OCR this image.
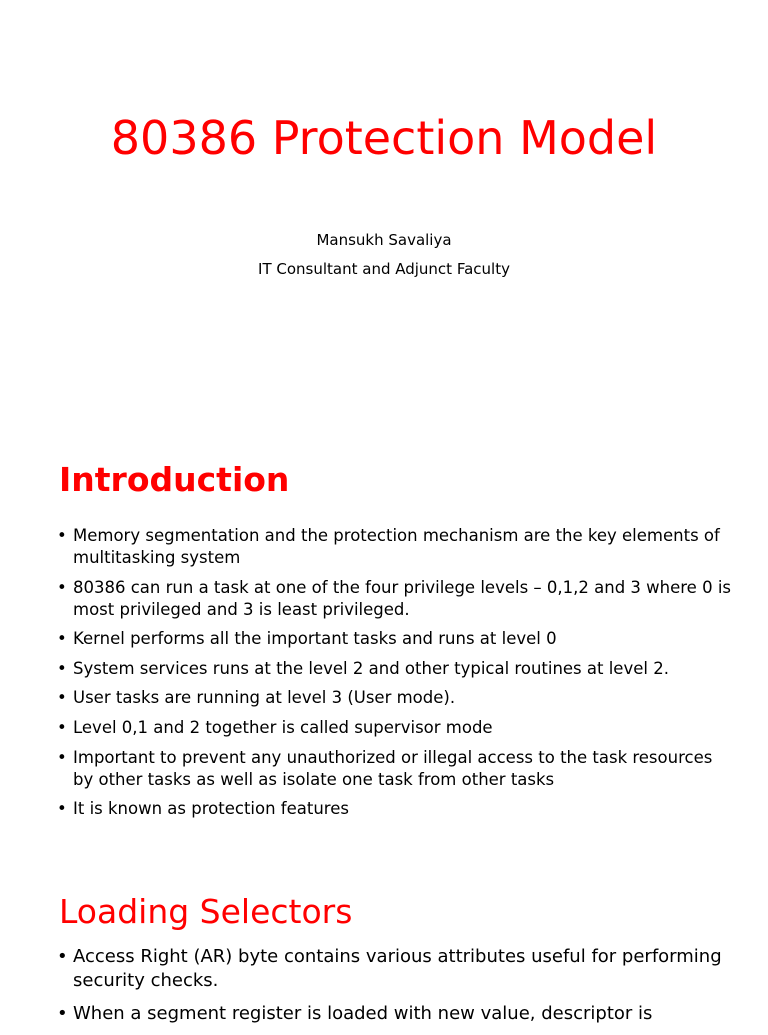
80386 Protection Model

Mansukh Savaliya

IT Consultant and Adjunct Faculty

Introduction
• Memory segmentation and the protection mechanism are the key elements of multitasking system
• 80386 can run a task at one of the four privilege levels – 0,1,2 and 3 where 0 is most privileged and 3 is least privileged.
• Kernel performs all the important tasks and runs at level 0
• System services runs at the level 2 and other typical routines at level 2.
• User tasks are running at level 3 (User mode).
• Level 0,1 and 2 together is called supervisor mode
• Important to prevent any unauthorized or illegal access to the task resources by other tasks as well as isolate one task from other tasks
• It is known as protection features
Loading Selectors
• Access Right (AR) byte contains various attributes useful for performing security checks.
• When a segment register is loaded with new value, descriptor is
